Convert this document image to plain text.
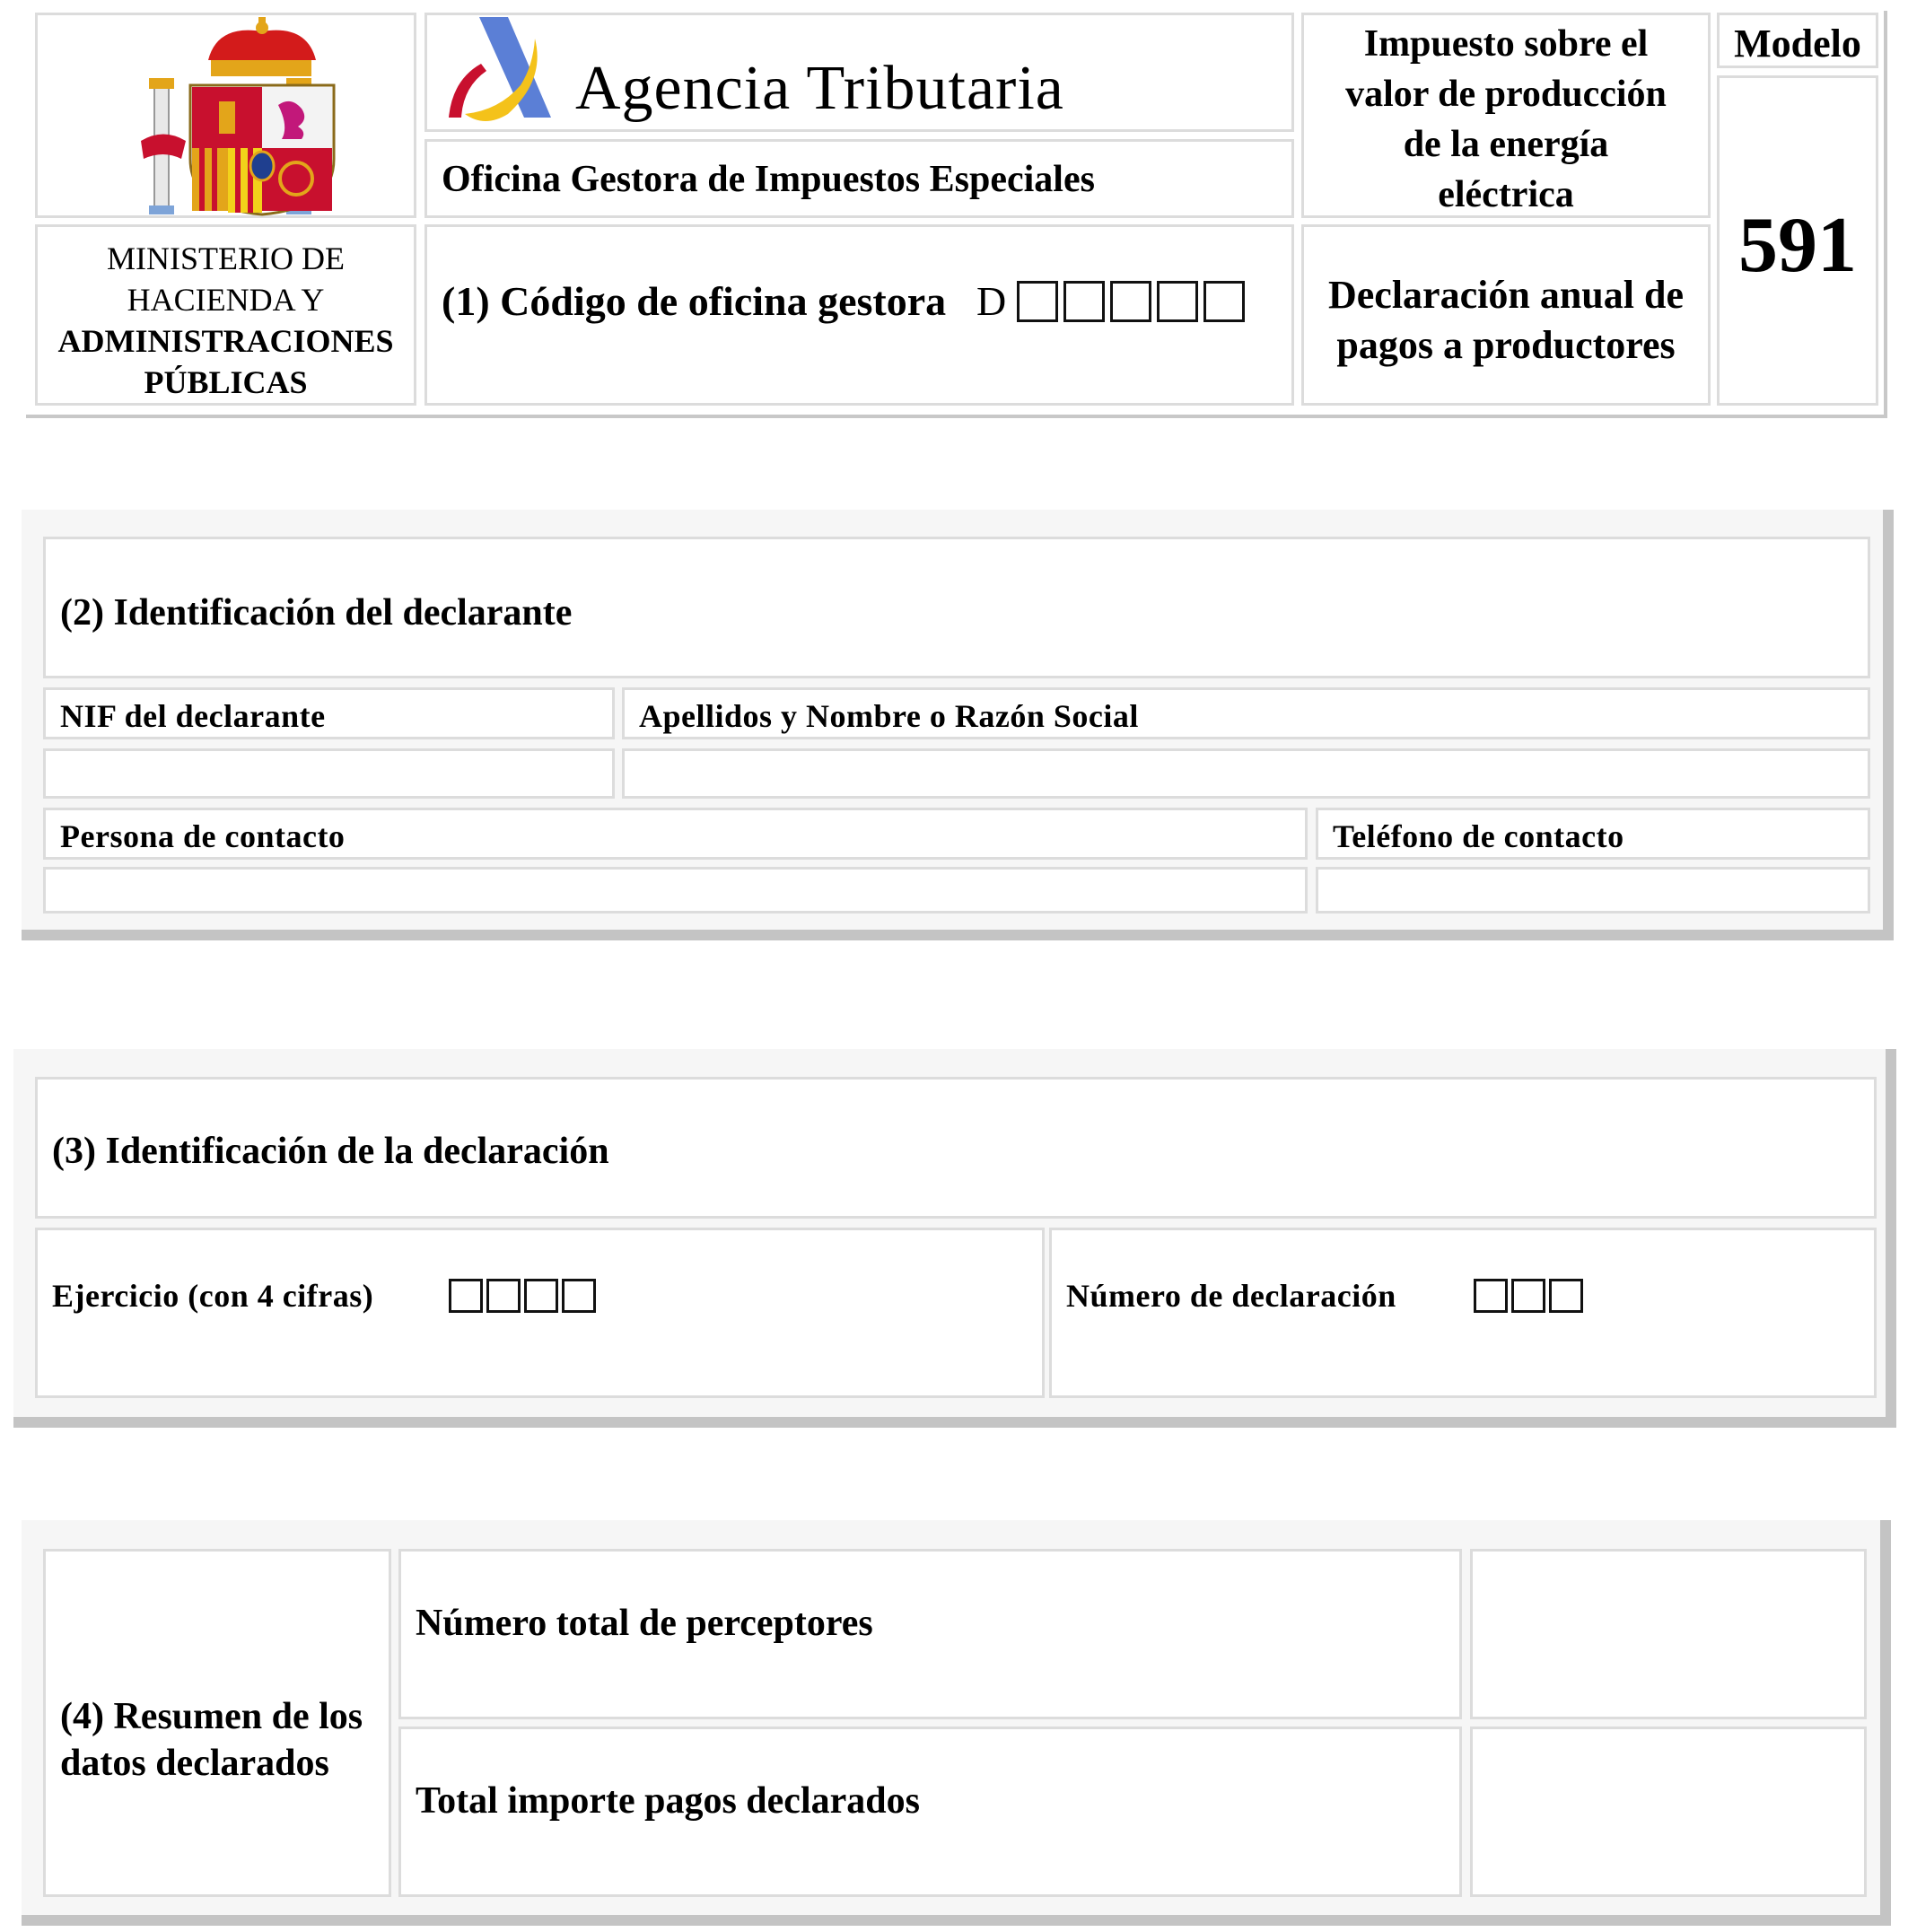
MINISTERIO DE
HACIENDA Y
ADMINISTRACIONES
PÚBLICAS
Agencia Tributaria
Oficina Gestora de Impuestos Especiales
(1) Código de oficina gestora D
Impuesto sobre el
valor de producción
de la energía
eléctrica
Declaración anual de
pagos a productores
Modelo
591
(2) Identificación del declarante
NIF del declarante	Apellidos y Nombre o Razón Social
Persona de contacto	Teléfono de contacto
(3) Identificación de la declaración
Ejercicio (con 4 cifras)	Número de declaración
(4) Resumen de los
datos declarados
Número total de perceptores
Total importe pagos declarados
